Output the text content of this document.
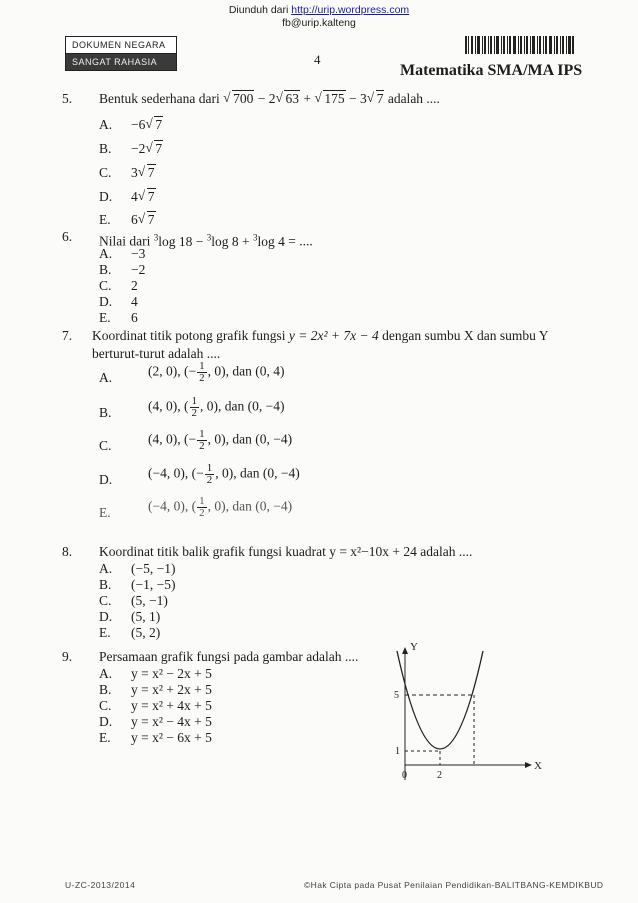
Diunduh dari http://urip.wordpress.com
fb@urip.kalteng
DOKUMEN NEGARA
SANGAT RAHASIA	4
Matematika SMA/MA IPS
5. Bentuk sederhana dari √ 700 − 2 √ 63 + √ 175 − 3 √ 7 adalah ....
A. −6 √ 7
B. −2 √ 7
C. 3 √ 7
D. 4 √ 7
E. 6 √ 7
6. Nilai dari $^3$log 18 − $^3$log 8 + $^3$log 4 = ....
A. −3
B. −2
C. 2
D. 4
E. 6
7. Koordinat titik potong grafik fungsi y = 2x² + 7x − 4 dengan sumbu X dan sumbu Y
berturut-turut adalah ....
A.	(2, 0), (− $\frac{1}{2}$ , 0), dan (0, 4)
B.	(4, 0), ( $\frac{1}{2}$ , 0), dan (0, −4)
C.	(4, 0), (− $\frac{1}{2}$ , 0), dan (0, −4)
D.	(−4, 0), (− $\frac{1}{2}$ , 0), dan (0, −4)
E.	(−4, 0), ( $\frac{1}{2}$ , 0), dan (0, −4)
8. Koordinat titik balik grafik fungsi kuadrat y = x²−10x + 24 adalah ....
A. (−5, −1)
B. (−1, −5)
C. (5, −1)
D. (5, 1)
E. (5, 2)
9. Persamaan grafik fungsi pada gambar adalah ....
A. y = x² − 2x + 5
B. y = x² + 2x + 5
C. y = x² + 4x + 5
D. y = x² − 4x + 5
E. y = x² − 6x + 5
Y
X
5
1
0	2
U-ZC-2013/2014	©Hak Cipta pada Pusat Penilaian Pendidikan-BALITBANG-KEMDIKBUD
